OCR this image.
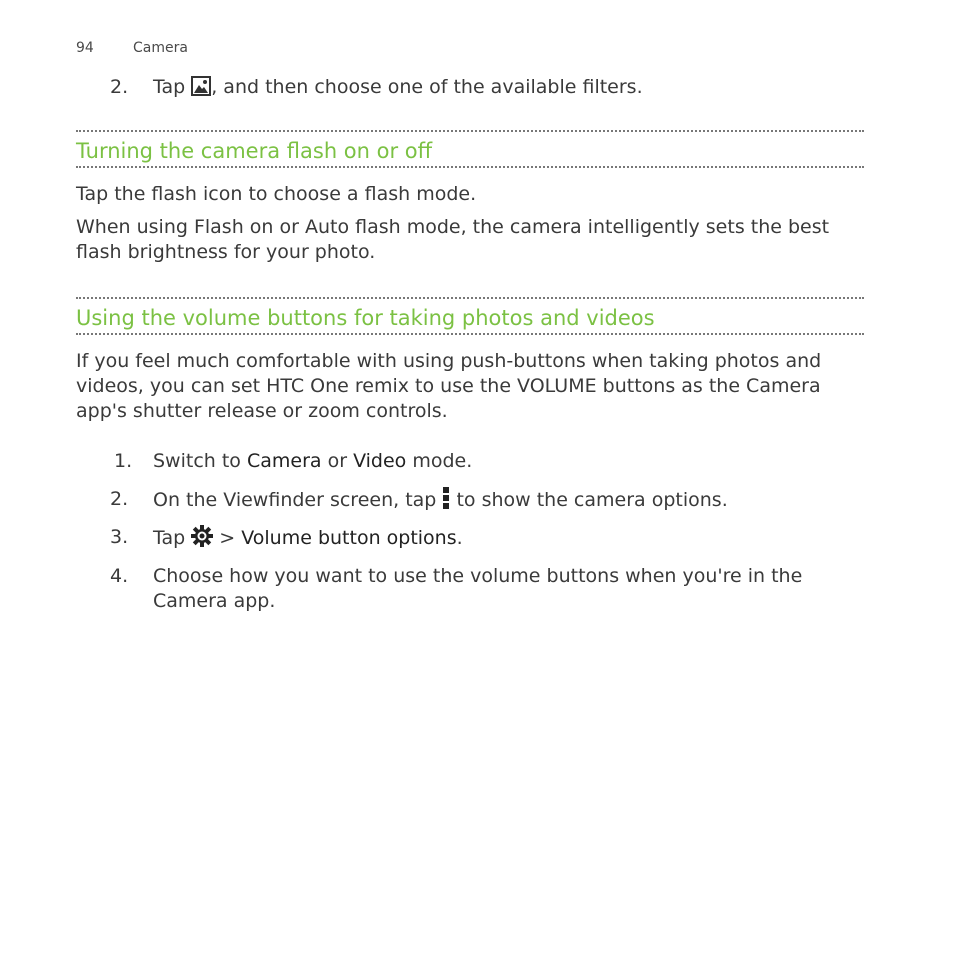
94	Camera
2. Tap , and then choose one of the available filters.
Turning the camera flash on or off
Tap the flash icon to choose a flash mode.
When using Flash on or Auto flash mode, the camera intelligently sets the best flash brightness for your photo.
Using the volume buttons for taking photos and videos
If you feel much comfortable with using push-buttons when taking photos and videos, you can set HTC One remix to use the VOLUME buttons as the Camera app's shutter release or zoom controls.
1. Switch to Camera or Video mode.
2. On the Viewfinder screen, tap to show the camera options.
3. Tap > Volume button options.
4. Choose how you want to use the volume buttons when you're in the Camera app.
